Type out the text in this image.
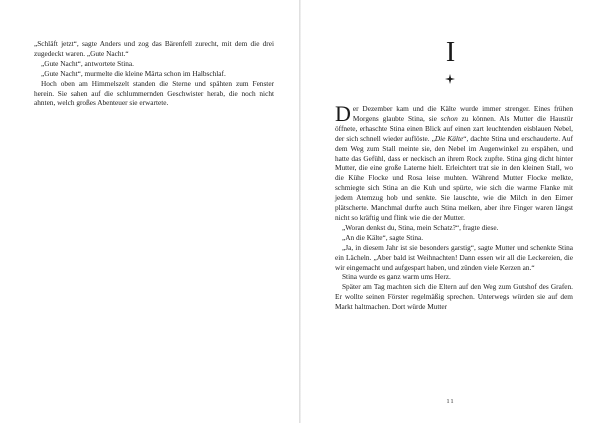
„Schläft jetzt“, sagte Anders und zog das Bärenfell zurecht, mit dem die drei zugedeckt waren. „Gute Nacht.“

„Gute Nacht“, antwortete Stina.

„Gute Nacht“, murmelte die kleine Märta schon im Halbschlaf.

Hoch oben am Himmelszelt standen die Sterne und spähten zum Fenster herein. Sie sahen auf die schlummernden Geschwister herab, die noch nicht ahnten, welch großes Abenteuer sie erwartete.

I

Der Dezember kam und die Kälte wurde immer strenger. Eines frühen Morgens glaubte Stina, sie schon zu können. Als Mutter die Haustür öffnete, erhaschte Stina einen Blick auf einen zart leuchtenden eisblauen Nebel, der sich schnell wieder auflöste. „Die Kälte“, dachte Stina und erschauderte. Auf dem Weg zum Stall meinte sie, den Nebel im Augenwinkel zu erspähen, und hatte das Gefühl, dass er neckisch an ihrem Rock zupfte. Stina ging dicht hinter Mutter, die eine große Laterne hielt. Erleichtert trat sie in den kleinen Stall, wo die Kühe Flocke und Rosa leise muhten. Während Mutter Flocke melkte, schmiegte sich Stina an die Kuh und spürte, wie sich die warme Flanke mit jedem Atemzug hob und senkte. Sie lauschte, wie die Milch in den Eimer plätscherte. Manchmal durfte auch Stina melken, aber ihre Finger waren längst nicht so kräftig und flink wie die der Mutter.

„Woran denkst du, Stina, mein Schatz?“, fragte diese.

„An die Kälte“, sagte Stina.

„Ja, in diesem Jahr ist sie besonders garstig“, sagte Mutter und schenkte Stina ein Lächeln. „Aber bald ist Weihnachten! Dann essen wir all die Leckereien, die wir eingemacht und aufgespart haben, und zünden viele Kerzen an.“

Stina wurde es ganz warm ums Herz.

Später am Tag machten sich die Eltern auf den Weg zum Gutshof des Grafen. Er wollte seinen Förster regelmäßig sprechen. Unterwegs würden sie auf dem Markt haltmachen. Dort würde Mutter

11
